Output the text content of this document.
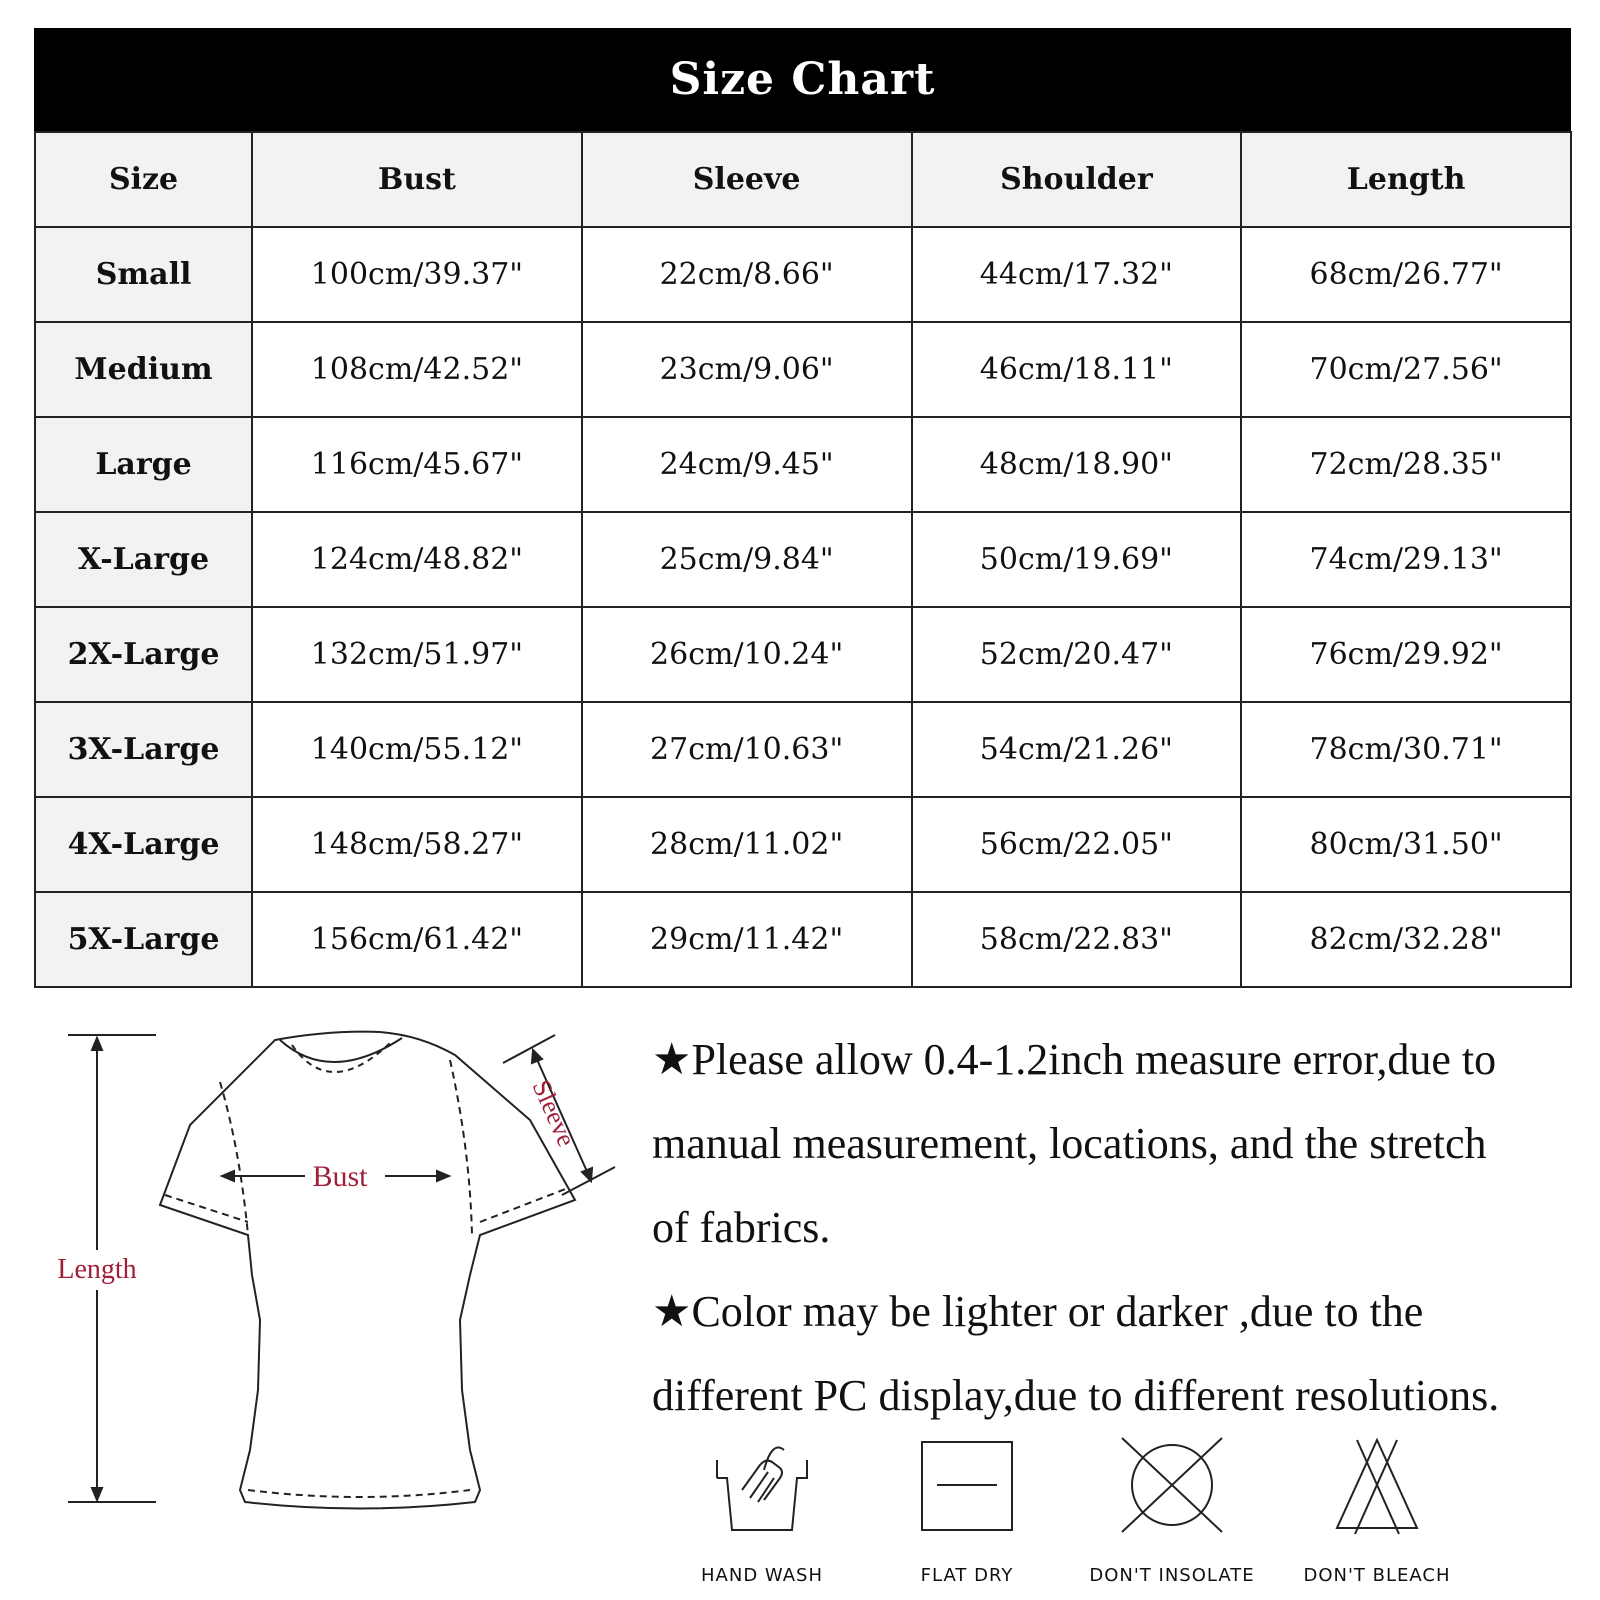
Size Chart
Size	Bust	Sleeve	Shoulder	Length
Small	100cm/39.37"	22cm/8.66"	44cm/17.32"	68cm/26.77"
Medium	108cm/42.52"	23cm/9.06"	46cm/18.11"	70cm/27.56"
Large	116cm/45.67"	24cm/9.45"	48cm/18.90"	72cm/28.35"
X-Large	124cm/48.82"	25cm/9.84"	50cm/19.69"	74cm/29.13"
2X-Large	132cm/51.97"	26cm/10.24"	52cm/20.47"	76cm/29.92"
3X-Large	140cm/55.12"	27cm/10.63"	54cm/21.26"	78cm/30.71"
4X-Large	148cm/58.27"	28cm/11.02"	56cm/22.05"	80cm/31.50"
5X-Large	156cm/61.42"	29cm/11.42"	58cm/22.83"	82cm/32.28"
Length
Bust
Sleeve

★Please allow 0.4-1.2inch measure error,due to

manual measurement, locations, and the stretch

of fabrics.

★Color may be lighter or darker ,due to the

different PC display,due to different resolutions.

HAND WASH	FLAT DRY	DON'T INSOLATE	DON'T BLEACH
